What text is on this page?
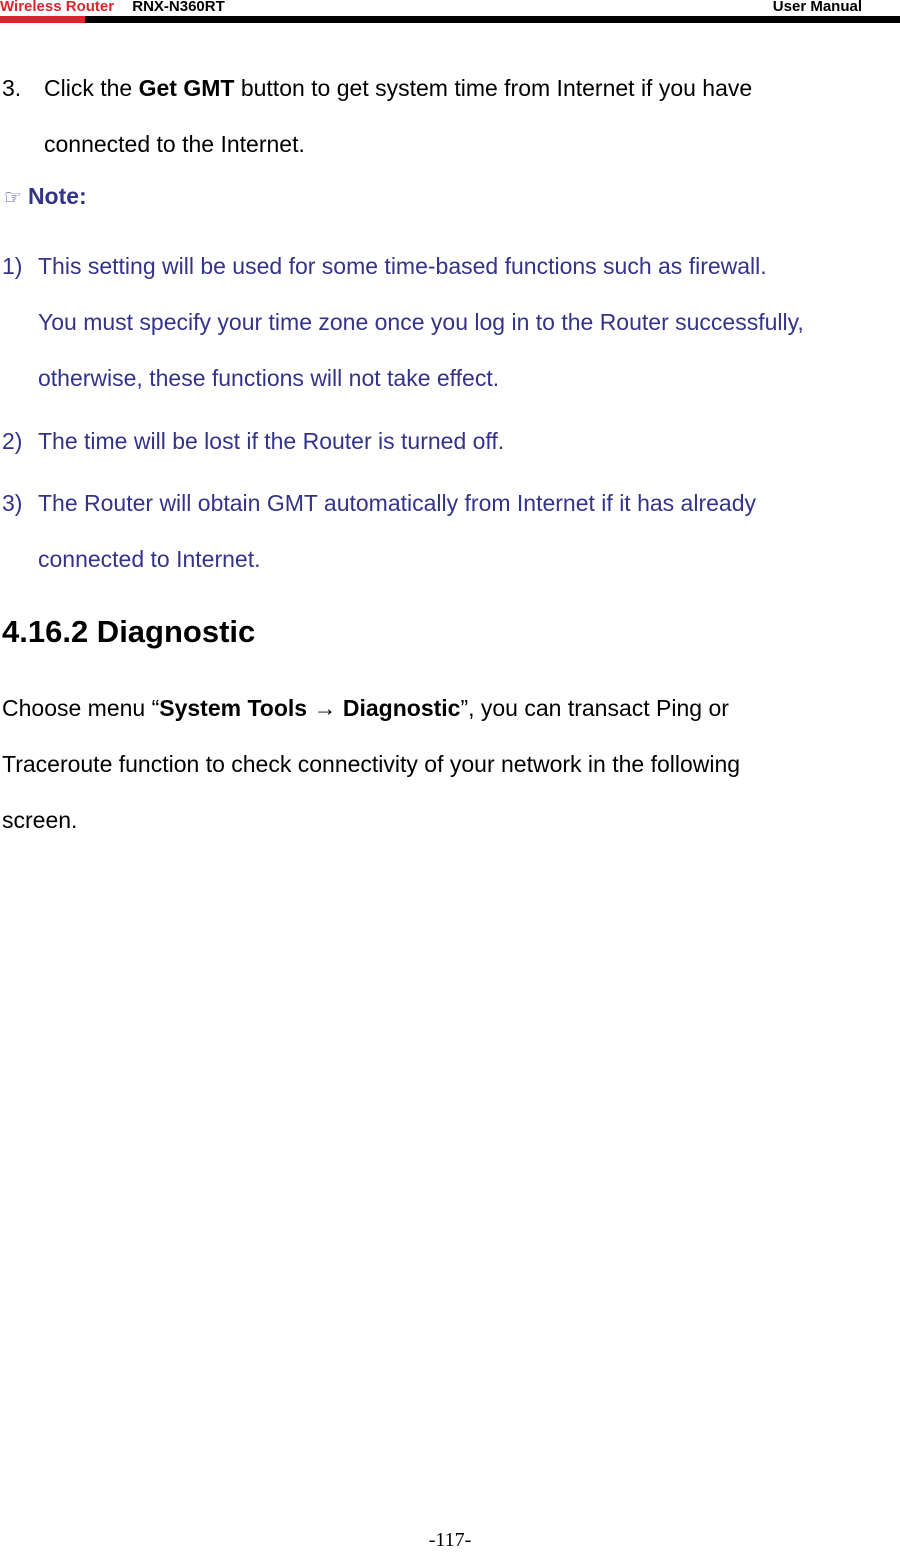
Wireless Router RNX-N360RT	User Manual
3. Click the Get GMT button to get system time from Internet if you have
connected to the Internet.
☞ Note:
1) This setting will be used for some time-based functions such as firewall.
You must specify your time zone once you log in to the Router successfully,
otherwise, these functions will not take effect.
2) The time will be lost if the Router is turned off.
3) The Router will obtain GMT automatically from Internet if it has already
connected to Internet.
4.16.2 Diagnostic
Choose menu “System Tools → Diagnostic”, you can transact Ping or
Traceroute function to check connectivity of your network in the following
screen.
-117-
